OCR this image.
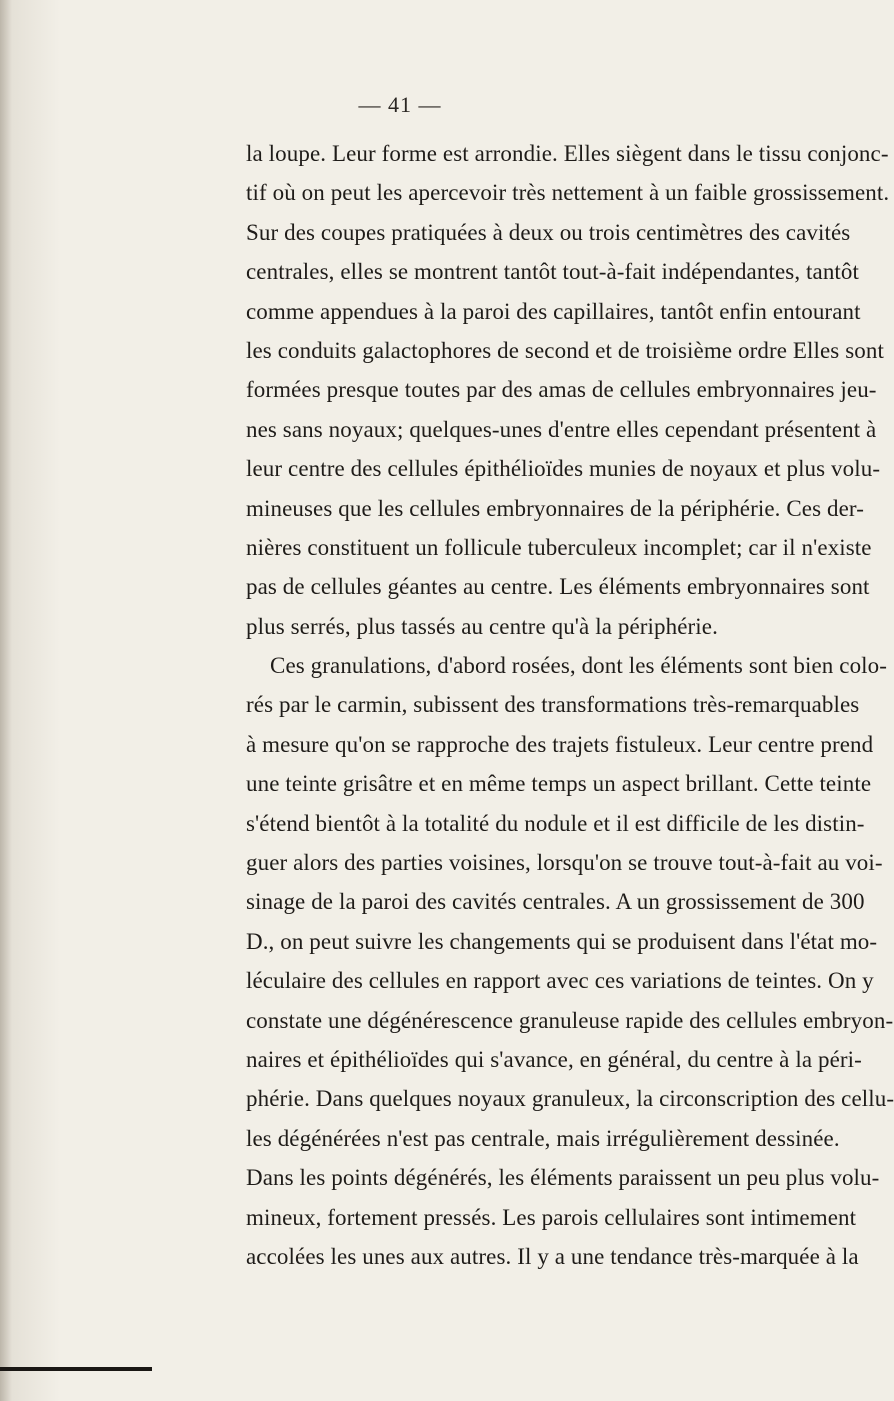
— 41 —
la loupe. Leur forme est arrondie. Elles siègent dans le tissu conjonc-
tif où on peut les apercevoir très nettement à un faible grossissement.
Sur des coupes pratiquées à deux ou trois centimètres des cavités
centrales, elles se montrent tantôt tout-à-fait indépendantes, tantôt
comme appendues à la paroi des capillaires, tantôt enfin entourant
les conduits galactophores de second et de troisième ordre Elles sont
formées presque toutes par des amas de cellules embryonnaires jeu-
nes sans noyaux; quelques-unes d'entre elles cependant présentent à
leur centre des cellules épithélioïdes munies de noyaux et plus volu-
mineuses que les cellules embryonnaires de la périphérie. Ces der-
nières constituent un follicule tuberculeux incomplet; car il n'existe
pas de cellules géantes au centre. Les éléments embryonnaires sont
plus serrés, plus tassés au centre qu'à la périphérie.
Ces granulations, d'abord rosées, dont les éléments sont bien colo-
rés par le carmin, subissent des transformations très-remarquables
à mesure qu'on se rapproche des trajets fistuleux. Leur centre prend
une teinte grisâtre et en même temps un aspect brillant. Cette teinte
s'étend bientôt à la totalité du nodule et il est difficile de les distin-
guer alors des parties voisines, lorsqu'on se trouve tout-à-fait au voi-
sinage de la paroi des cavités centrales. A un grossissement de 300
D., on peut suivre les changements qui se produisent dans l'état mo-
léculaire des cellules en rapport avec ces variations de teintes. On y
constate une dégénérescence granuleuse rapide des cellules embryon-
naires et épithélioïdes qui s'avance, en général, du centre à la péri-
phérie. Dans quelques noyaux granuleux, la circonscription des cellu-
les dégénérées n'est pas centrale, mais irrégulièrement dessinée.
Dans les points dégénérés, les éléments paraissent un peu plus volu-
mineux, fortement pressés. Les parois cellulaires sont intimement
accolées les unes aux autres. Il y a une tendance très-marquée à la
